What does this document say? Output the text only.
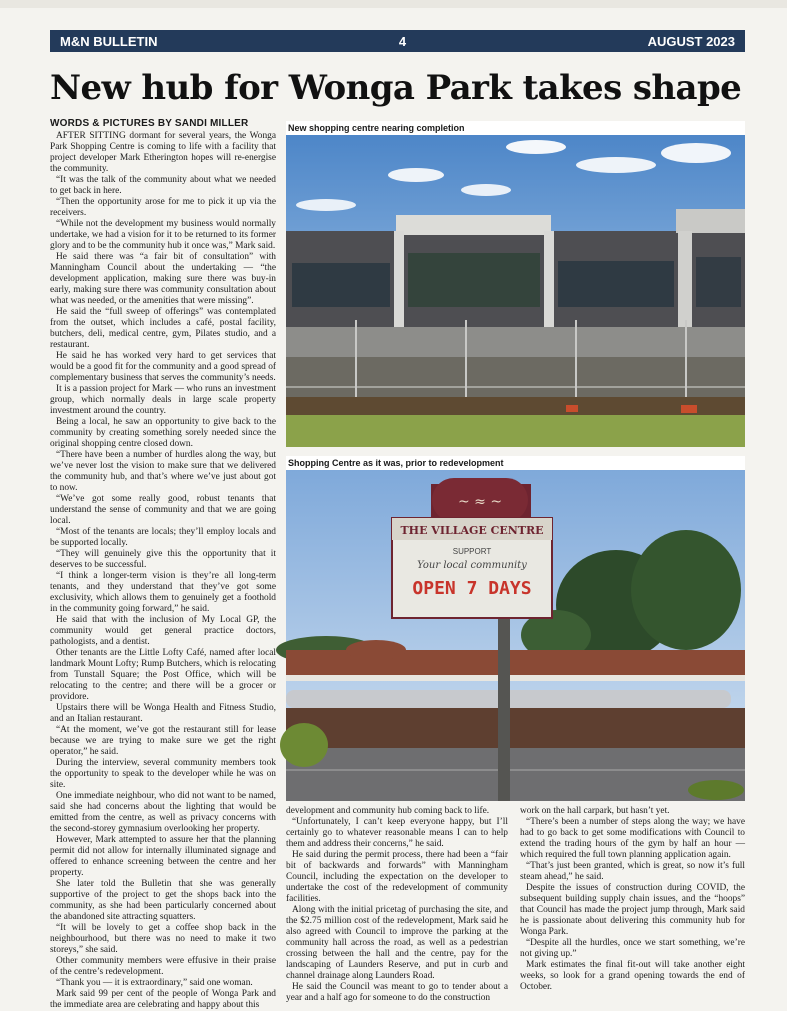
M&N BULLETIN	4	AUGUST 2023
New hub for Wonga Park takes shape
WORDS & PICTURES BY SANDI MILLER

AFTER SITTING dormant for several years, the Wonga Park Shopping Centre is coming to life with a facility that project developer Mark Etherington hopes will re-energise the community.

“It was the talk of the community about what we needed to get back in here.

“Then the opportunity arose for me to pick it up via the receivers.

“While not the development my business would normally undertake, we had a vision for it to be returned to its former glory and to be the community hub it once was,” Mark said.

He said there was “a fair bit of consultation” with Manningham Council about the undertaking — “the development application, making sure there was buy-in early, making sure there was community consultation about what was needed, or the amenities that were missing”.

He said the “full sweep of offerings” was contemplated from the outset, which includes a café, postal facility, butchers, deli, medical centre, gym, Pilates studio, and a restaurant.

He said he has worked very hard to get services that would be a good fit for the community and a good spread of complementary business that serves the community’s needs.

It is a passion project for Mark — who runs an investment group, which normally deals in large scale property investment around the country.

Being a local, he saw an opportunity to give back to the community by creating something sorely needed since the original shopping centre closed down.

“There have been a number of hurdles along the way, but we’ve never lost the vision to make sure that we delivered the community hub, and that’s where we’ve just about got to now.

“We’ve got some really good, robust tenants that understand the sense of community and that we are going local.

“Most of the tenants are locals; they’ll employ locals and be supported locally.

“They will genuinely give this the opportunity that it deserves to be successful.

“I think a longer-term vision is they’re all long-term tenants, and they understand that they’ve got some exclusivity, which allows them to genuinely get a foothold in the community going forward,” he said.

He said that with the inclusion of My Local GP, the community would get general practice doctors, pathologists, and a dentist.

Other tenants are the Little Lofty Café, named after local landmark Mount Lofty; Rump Butchers, which is relocating from Tunstall Square; the Post Office, which will be relocating to the centre; and there will be a grocer or providore.

Upstairs there will be Wonga Health and Fitness Studio, and an Italian restaurant.

“At the moment, we’ve got the restaurant still for lease because we are trying to make sure we get the right operator,” he said.

During the interview, several community members took the opportunity to speak to the developer while he was on site.

One immediate neighbour, who did not want to be named, said she had concerns about the lighting that would be emitted from the centre, as well as privacy concerns with the second-storey gymnasium overlooking her property.

However, Mark attempted to assure her that the planning permit did not allow for internally illuminated signage and offered to enhance screening between the centre and her property.

She later told the Bulletin that she was generally supportive of the project to get the shops back into the community, as she had been particularly concerned about the abandoned site attracting squatters.

“It will be lovely to get a coffee shop back in the neighbourhood, but there was no need to make it two storeys,” she said.

Other community members were effusive in their praise of the centre’s redevelopment.

“Thank you — it is extraordinary,” said one woman.

Mark said 99 per cent of the people of Wonga Park and the immediate area are celebrating and happy about this

New shopping centre nearing completion
Shopping Centre as it was, prior to redevelopment
~ ≈ ~
THE VILLAGE CENTRE
SUPPORT
Your local community
OPEN 7 DAYS

development and community hub coming back to life.

“Unfortunately, I can’t keep everyone happy, but I’ll certainly go to whatever reasonable means I can to help them and address their concerns,” he said.

He said during the permit process, there had been a “fair bit of backwards and forwards” with Manningham Council, including the expectation on the developer to undertake the cost of the redevelopment of community facilities.

Along with the initial pricetag of purchasing the site, and the $2.75 million cost of the redevelopment, Mark said he also agreed with Council to improve the parking at the community hall across the road, as well as a pedestrian crossing between the hall and the centre, pay for the landscaping of Launders Reserve, and put in curb and channel drainage along Launders Road.

He said the Council was meant to go to tender about a year and a half ago for someone to do the construction

work on the hall carpark, but hasn’t yet.

“There’s been a number of steps along the way; we have had to go back to get some modifications with Council to extend the trading hours of the gym by half an hour — which required the full town planning application again.

“That’s just been granted, which is great, so now it’s full steam ahead,” he said.

Despite the issues of construction during COVID, the subsequent building supply chain issues, and the “hoops” that Council has made the project jump through, Mark said he is passionate about delivering this community hub for Wonga Park.

“Despite all the hurdles, once we start something, we’re not giving up.”

Mark estimates the final fit-out will take another eight weeks, so look for a grand opening towards the end of October.
